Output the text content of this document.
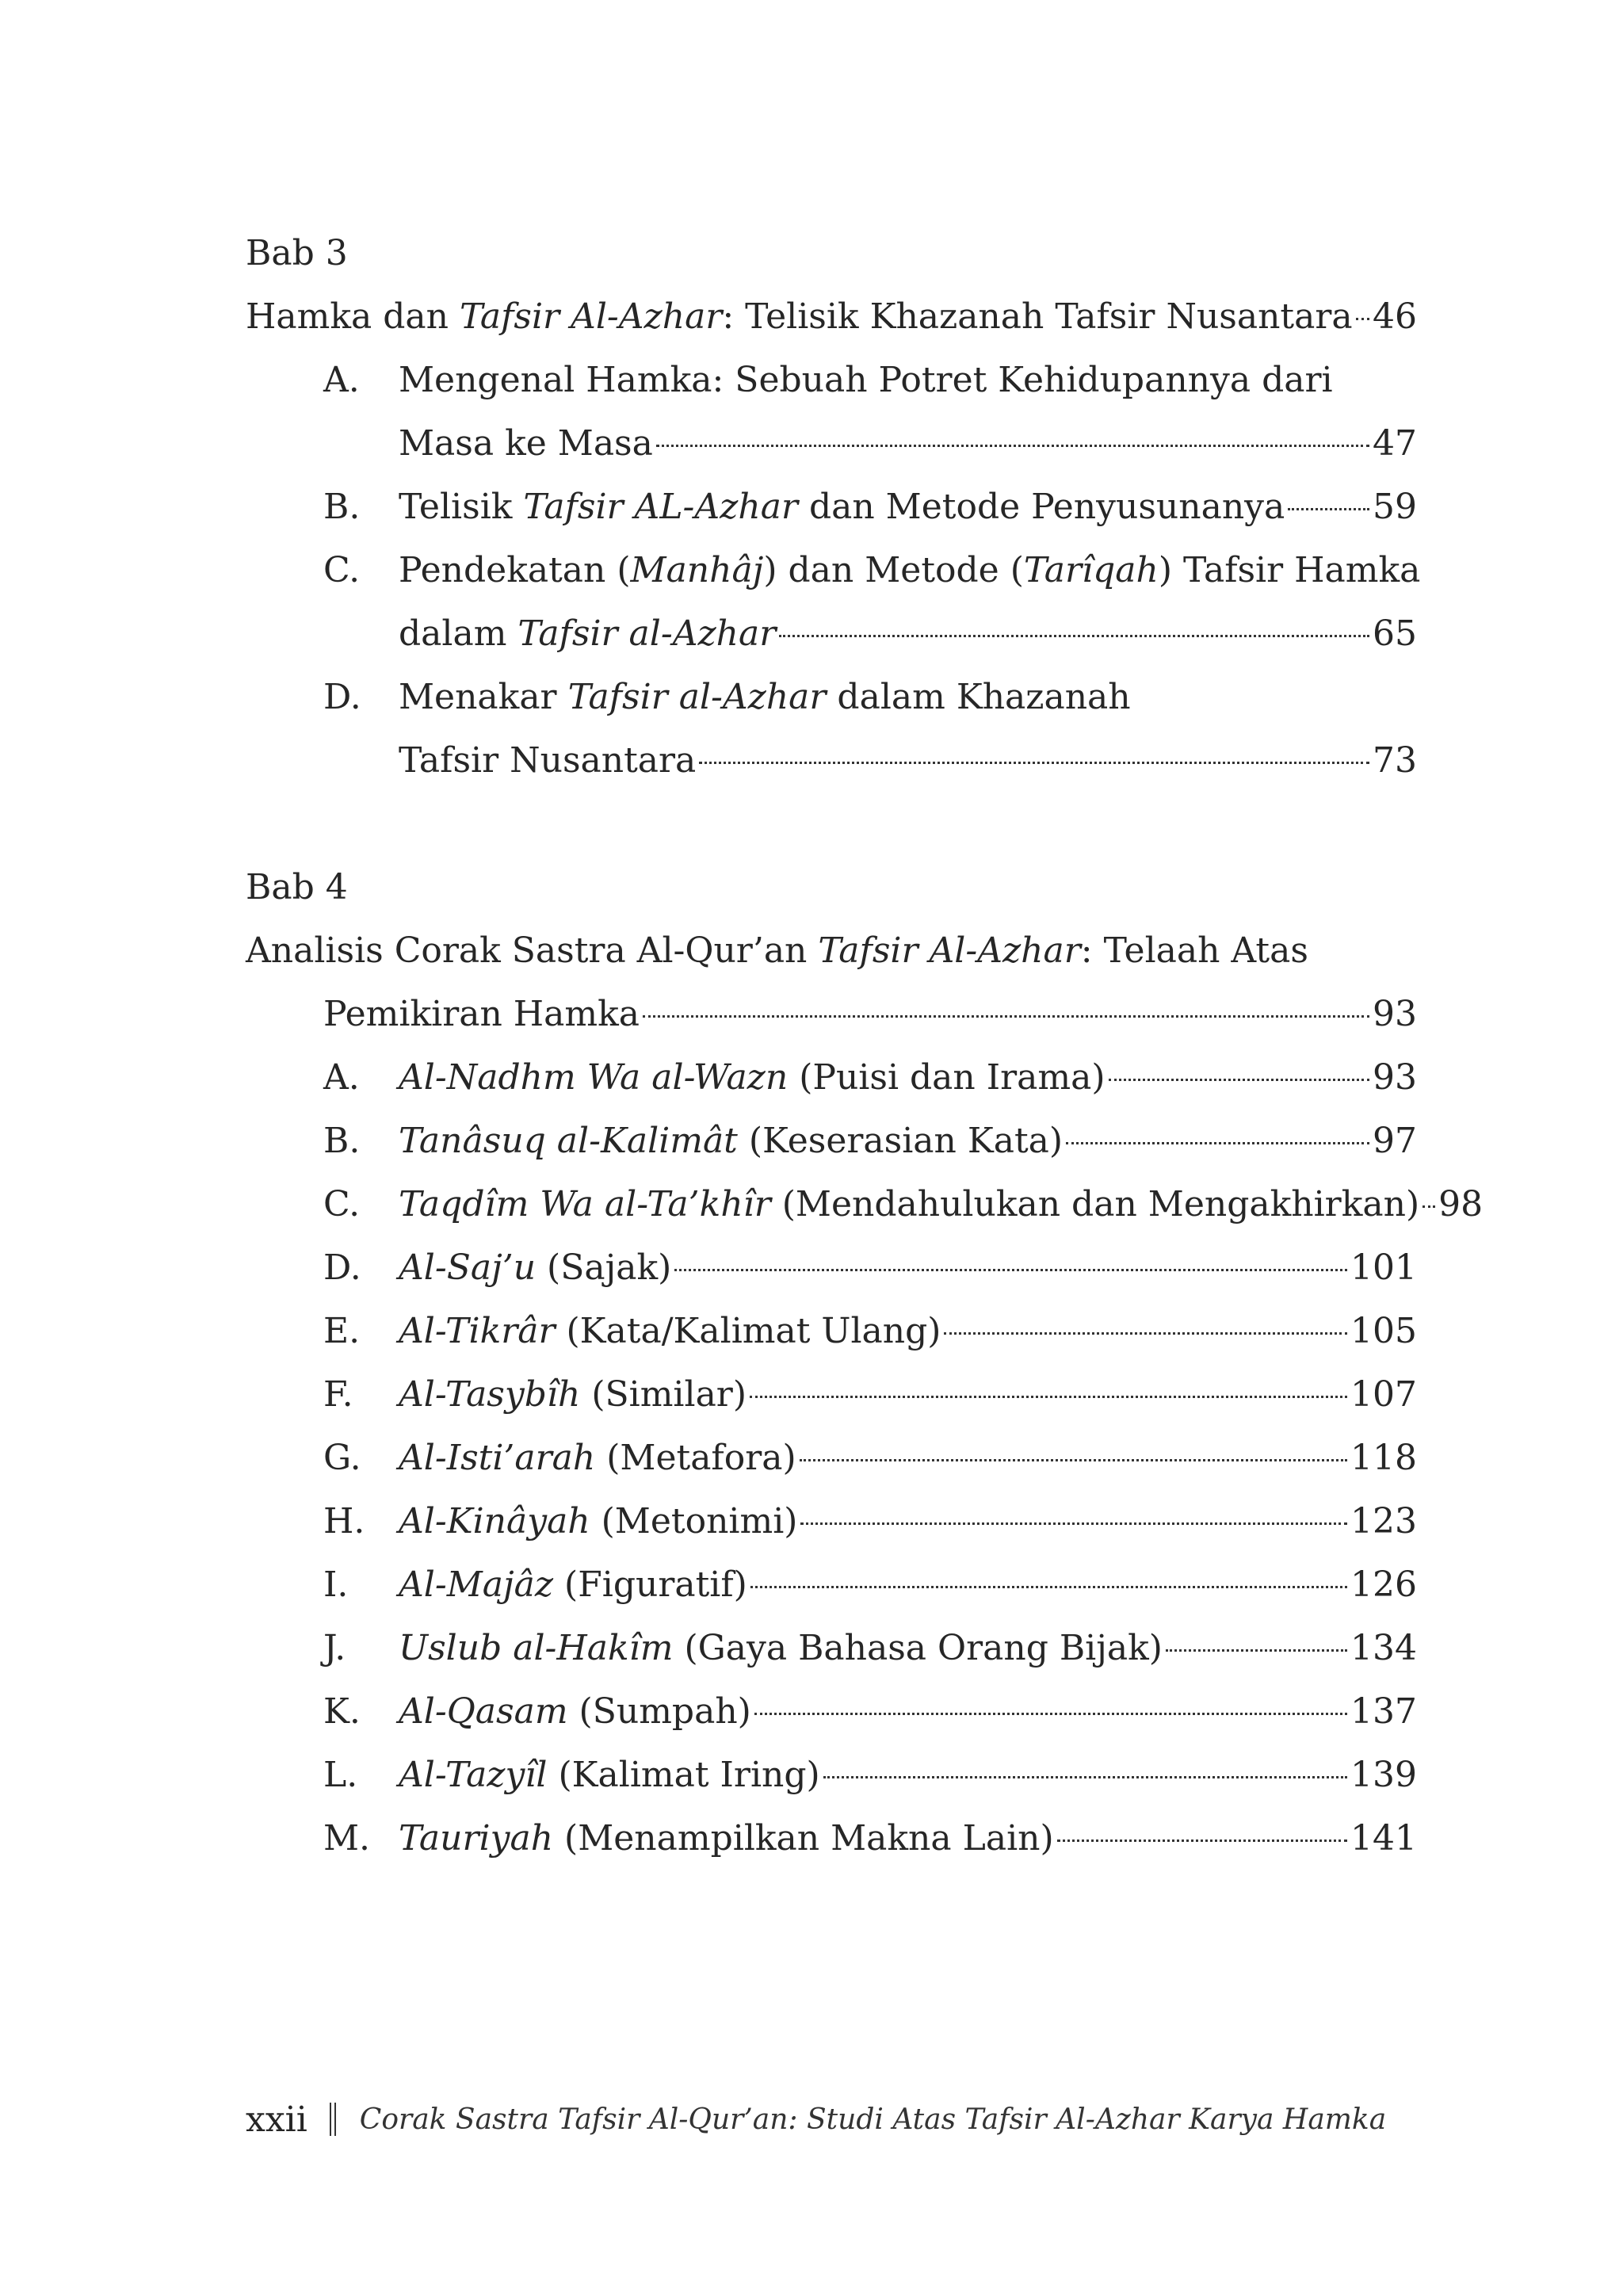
Bab 3
Hamka dan Tafsir Al-Azhar: Telisik Khazanah Tafsir Nusantara 46
A. Mengenal Hamka: Sebuah Potret Kehidupannya dari
Masa ke Masa	47
B. Telisik Tafsir AL-Azhar dan Metode Penyusunanya	59
C. Pendekatan (Manhâj) dan Metode (Tarîqah) Tafsir Hamka
dalam Tafsir al-Azhar	65
D. Menakar Tafsir al-Azhar dalam Khazanah
Tafsir Nusantara	73
Bab 4
Analisis Corak Sastra Al-Qur’an Tafsir Al-Azhar: Telaah Atas
Pemikiran Hamka	93
A. Al-Nadhm Wa al-Wazn (Puisi dan Irama)	93
B. Tanâsuq al-Kalimât (Keserasian Kata)	97
C. Taqdîm Wa al-Ta’khîr (Mendahulukan dan Mengakhirkan) 98
D. Al-Saj’u (Sajak)	101
E. Al-Tikrâr (Kata/Kalimat Ulang)	105
F. Al-Tasybîh (Similar)	107
G. Al-Isti’arah (Metafora)	118
H. Al-Kinâyah (Metonimi)	123
I. Al-Majâz (Figuratif)	126
J. Uslub al-Hakîm (Gaya Bahasa Orang Bijak)	134
K. Al-Qasam (Sumpah)	137
L. Al-Tazyîl (Kalimat Iring)	139
M. Tauriyah (Menampilkan Makna Lain)	141
xxii Corak Sastra Tafsir Al-Qur’an: Studi Atas Tafsir Al-Azhar Karya Hamka
